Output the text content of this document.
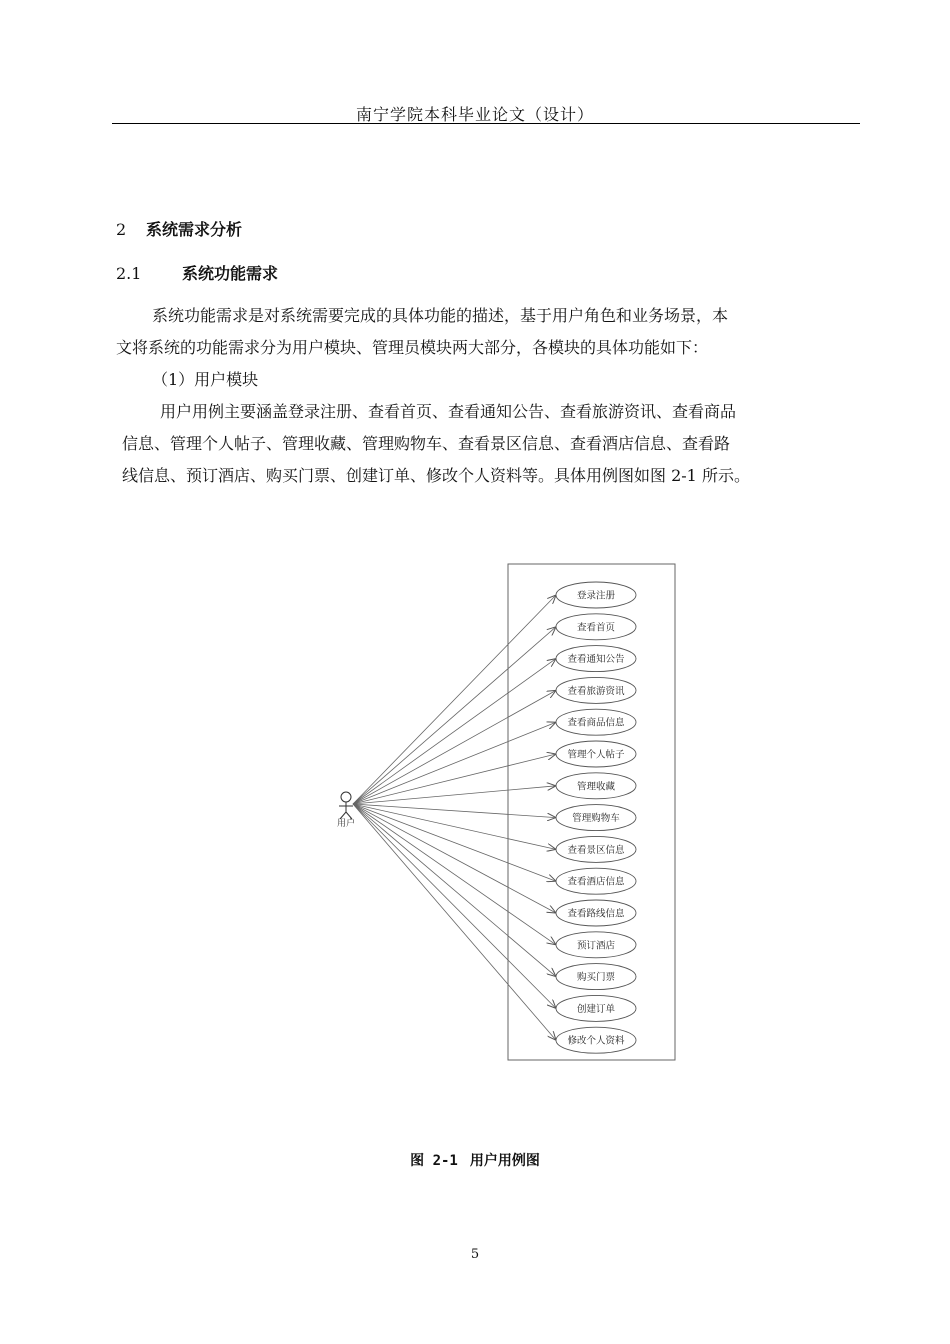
南宁学院本科毕业论文（设计）
2 系统需求分析
2.1	系统功能需求
系统功能需求是对系统需要完成的具体功能的描述，基于用户角色和业务场景，本
文将系统的功能需求分为用户模块、管理员模块两大部分，各模块的具体功能如下：
（1）用户模块
用户用例主要涵盖登录注册、查看首页、查看通知公告、查看旅游资讯、查看商品
信息、管理个人帖子、管理收藏、管理购物车、查看景区信息、查看酒店信息、查看路
线信息、预订酒店、购买门票、创建订单、修改个人资料等。具体用例图如图 2-1 所示。
用户
登录注册
查看首页
查看通知公告
查看旅游资讯
查看商品信息
管理个人帖子
管理收藏
管理购物车
查看景区信息
查看酒店信息
查看路线信息
预订酒店
购买门票
创建订单
修改个人资料
图 2-1 用户用例图
5
